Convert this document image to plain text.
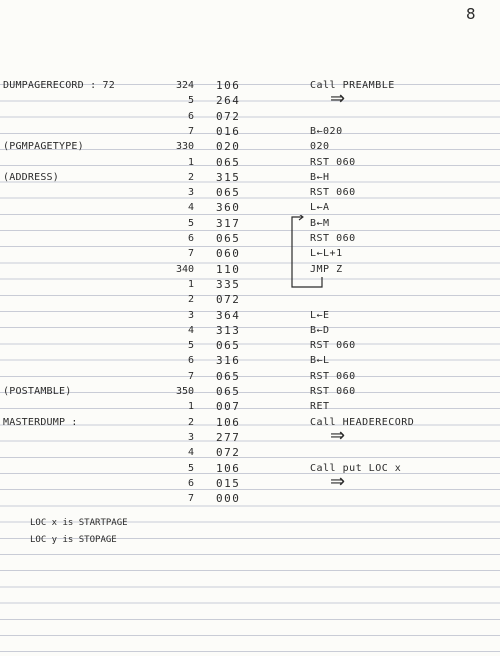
8
DUMPAGERECORD : 72	324 106	Call PREAMBLE
5 264	⇒
6 072
7 016	B←020
(PGMPAGETYPE)	330 020	020
1 065	RST 060
(ADDRESS)	2 315	B←H
3 065	RST 060
4 360	L←A
5 317	B←M
6 065	RST 060
7 060	L←L+1
340 110	JMP Z
1 335
2 072
3 364	L←E
4 313	B←D
5 065	RST 060
6 316	B←L
7 065	RST 060
(POSTAMBLE)	350 065	RST 060
1 007	RET
MASTERDUMP :	2 106	Call HEADERECORD
3 277	⇒
4 072
5 106	Call put LOC x
6 015	⇒
7 000
LOC x is STARTPAGE
LOC y is STOPAGE
